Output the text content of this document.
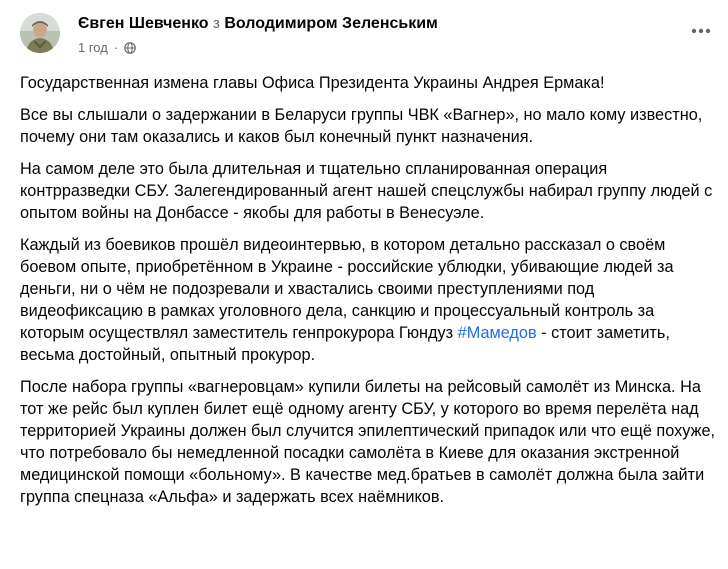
Євген Шевченко з Володимиром Зеленським
1 год ·

Государственная измена главы Офиса Президента Украины Андрея Ермака!

Все вы слышали о задержании в Беларуси группы ЧВК «Вагнер», но мало кому известно, почему они там оказались и каков был конечный пункт назначения.

На самом деле это была длительная и тщательно спланированная операция контрразведки СБУ. Залегендированный агент нашей спецслужбы набирал группу людей с опытом войны на Донбассе - якобы для работы в Венесуэле.

Каждый из боевиков прошёл видеоинтервью, в котором детально рассказал о своём боевом опыте, приобретённом в Украине - российские ублюдки, убивающие людей за деньги, ни о чём не подозревали и хвастались своими преступлениями под видеофиксацию в рамках уголовного дела, санкцию и процессуальный контроль за которым осуществлял заместитель генпрокурора Гюндуз #Мамедов - стоит заметить, весьма достойный, опытный прокурор.

После набора группы «вагнеровцам» купили билеты на рейсовый самолёт из Минска. На тот же рейс был куплен билет ещё одному агенту СБУ, у которого во время перелёта над территорией Украины должен был случится эпилептический припадок или что ещё похуже, что потребовало бы немедленной посадки самолёта в Киеве для оказания экстренной медицинской помощи «больному». В качестве мед.братьев в самолёт должна была зайти группа спецназа «Альфа» и задержать всех наёмников.
